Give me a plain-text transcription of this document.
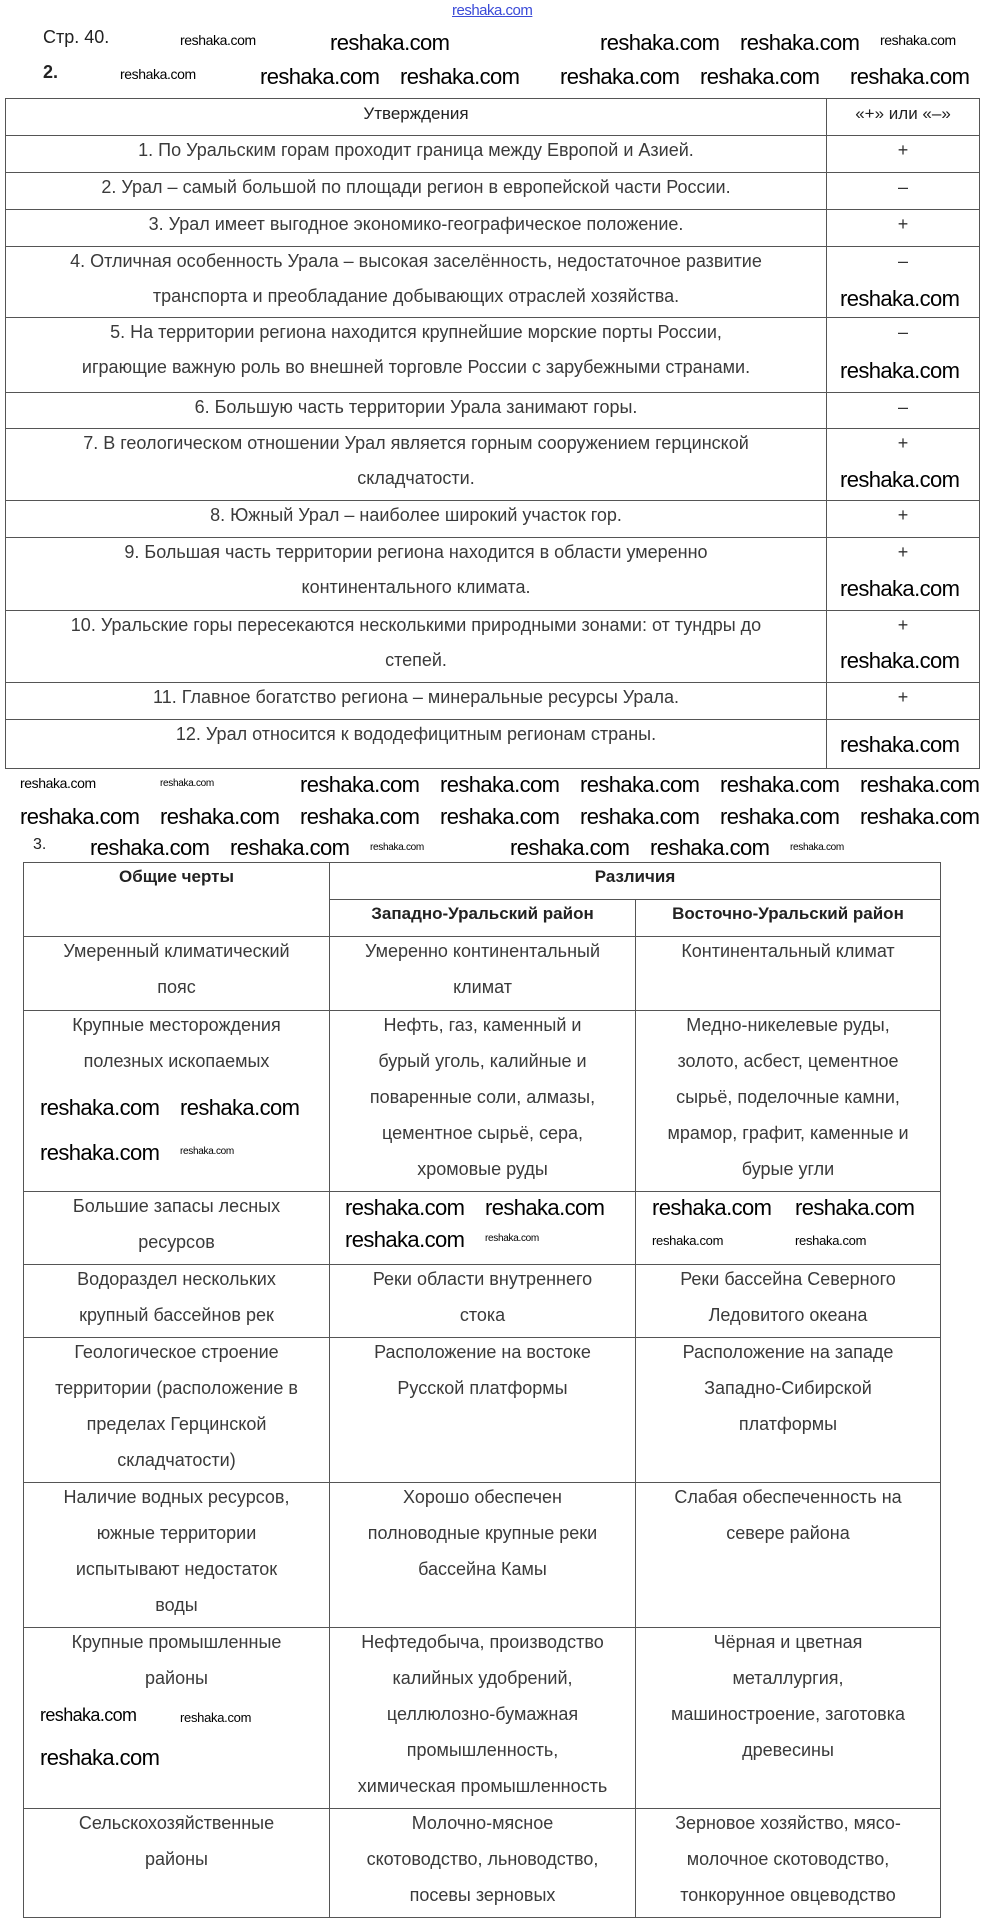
reshaka.com
Стр. 40.
2.
Утверждения	«+» или «–»

1. По Уральским горам проходит граница между Европой и Азией.	+

2. Урал – самый большой по площади регион в европейской части России.	–

3. Урал имеет выгодное экономико-географическое положение.	+

4. Отличная особенность Урала – высокая заселённость, недостаточное развитие
транспорта и преобладание добывающих отраслей хозяйства.	–

5. На территории региона находится крупнейшие морские порты России,
играющие важную роль во внешней торговле России с зарубежными странами.	–

6. Большую часть территории Урала занимают горы.	–

7. В геологическом отношении Урал является горным сооружением герцинской
складчатости.	+

8. Южный Урал – наиболее широкий участок гор.	+

9. Большая часть территории региона находится в области умеренно
континентального климата.	+

10. Уральские горы пересекаются несколькими природными зонами: от тундры до
степей.	+

11. Главное богатство региона – минеральные ресурсы Урала.	+

12. Урал относится к вододефицитным регионам страны.	

3.
Общие черты	Различия	

	Западно-Уральский район	Восточно-Уральский район

Умеренный климатический
пояс	Умеренно континентальный
климат	Континентальный климат

Крупные месторождения
полезных ископаемых	Нефть, газ, каменный и
бурый уголь, калийные и
поваренные соли, алмазы,
цементное сырьё, сера,
хромовые руды	Медно-никелевые руды,
золото, асбест, цементное
сырьё, поделочные камни,
мрамор, графит, каменные и
бурые угли

Большие запасы лесных
ресурсов		

Водораздел нескольких
крупный бассейнов рек	Реки области внутреннего
стока	Реки бассейна Северного
Ледовитого океана

Геологическое строение
территории (расположение в
пределах Герцинской
складчатости)	Расположение на востоке
Русской платформы	Расположение на западе
Западно-Сибирской
платформы

Наличие водных ресурсов,
южные территории
испытывают недостаток
воды	Хорошо обеспечен
полноводные крупные реки
бассейна Камы	Слабая обеспеченность на
севере района

Крупные промышленные
районы	Нефтедобыча, производство
калийных удобрений,
целлюлозно-бумажная
промышленность,
химическая промышленность	Чёрная и цветная
металлургия,
машиностроение, заготовка
древесины

Сельскохозяйственные
районы	Молочно-мясное
скотоводство, льноводство,
посевы зерновых	Зерновое хозяйство, мясо-
молочное скотоводство,
тонкорунное овцеводство
reshaka.com	reshaka.com	reshaka.com reshaka.com reshaka.com
reshaka.com	reshaka.com reshaka.com reshaka.com reshaka.com reshaka.com
reshaka.com
reshaka.com
reshaka.com
reshaka.com
reshaka.com
reshaka.com
reshaka.com	reshaka.com	reshaka.com reshaka.com reshaka.com reshaka.com reshaka.com
reshaka.com reshaka.com reshaka.com reshaka.com reshaka.com reshaka.com reshaka.com
reshaka.com reshaka.com reshaka.com	reshaka.com reshaka.com reshaka.com
reshaka.com reshaka.com
reshaka.com reshaka.com
reshaka.com reshaka.com
reshaka.com reshaka.com
reshaka.com reshaka.com
reshaka.com	reshaka.com
reshaka.com	reshaka.com
reshaka.com
